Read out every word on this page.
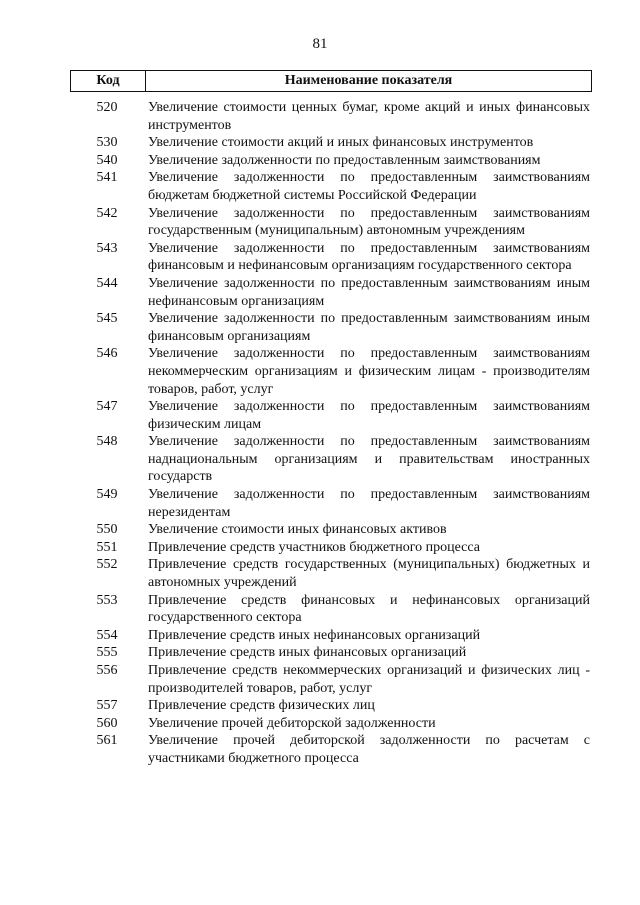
81
Код	Наименование показателя
520	Увеличение стоимости ценных бумаг, кроме акций и иных финансовых инструментов
530	Увеличение стоимости акций и иных финансовых инструментов
540	Увеличение задолженности по предоставленным заимствованиям
541	Увеличение задолженности по предоставленным заимствованиям бюджетам бюджетной системы Российской Федерации
542	Увеличение задолженности по предоставленным заимствованиям государственным (муниципальным) автономным учреждениям
543	Увеличение задолженности по предоставленным заимствованиям финансовым и нефинансовым организациям государственного сектора
544	Увеличение задолженности по предоставленным заимствованиям иным нефинансовым организациям
545	Увеличение задолженности по предоставленным заимствованиям иным финансовым организациям
546	Увеличение задолженности по предоставленным заимствованиям некоммерческим организациям и физическим лицам - производителям товаров, работ, услуг
547	Увеличение задолженности по предоставленным заимствованиям физическим лицам
548	Увеличение задолженности по предоставленным заимствованиям наднациональным организациям и правительствам иностранных государств
549	Увеличение задолженности по предоставленным заимствованиям нерезидентам
550	Увеличение стоимости иных финансовых активов
551	Привлечение средств участников бюджетного процесса
552	Привлечение средств государственных (муниципальных) бюджетных и автономных учреждений
553	Привлечение средств финансовых и нефинансовых организаций государственного сектора
554	Привлечение средств иных нефинансовых организаций
555	Привлечение средств иных финансовых организаций
556	Привлечение средств некоммерческих организаций и физических лиц - производителей товаров, работ, услуг
557	Привлечение средств физических лиц
560	Увеличение прочей дебиторской задолженности
561	Увеличение прочей дебиторской задолженности по расчетам с участниками бюджетного процесса
